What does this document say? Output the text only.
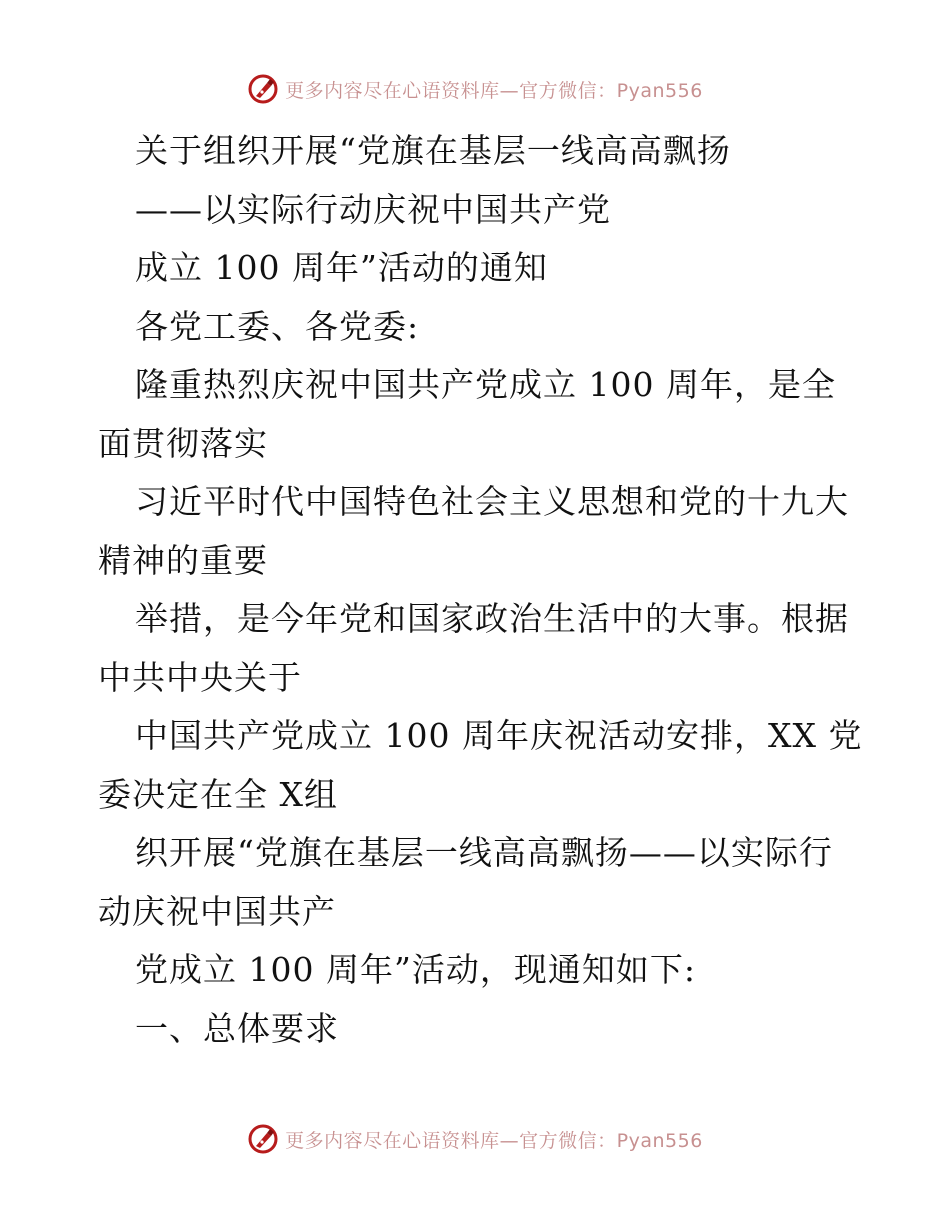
更多内容尽在心语资料库—官方微信：Pyan556
关于组织开展“党旗在基层一线高高飘扬
——以实际行动庆祝中国共产党
成立 100 周年”活动的通知
各党工委、各党委:
隆重热烈庆祝中国共产党成立 100 周年，是全
面贯彻落实
习近平时代中国特色社会主义思想和党的十九大
精神的重要
举措，是今年党和国家政治生活中的大事。根据
中共中央关于
中国共产党成立 100 周年庆祝活动安排，XX 党
委决定在全 X组
织开展“党旗在基层一线高高飘扬——以实际行
动庆祝中国共产
党成立 100 周年”活动，现通知如下:
一、总体要求
更多内容尽在心语资料库—官方微信：Pyan556
